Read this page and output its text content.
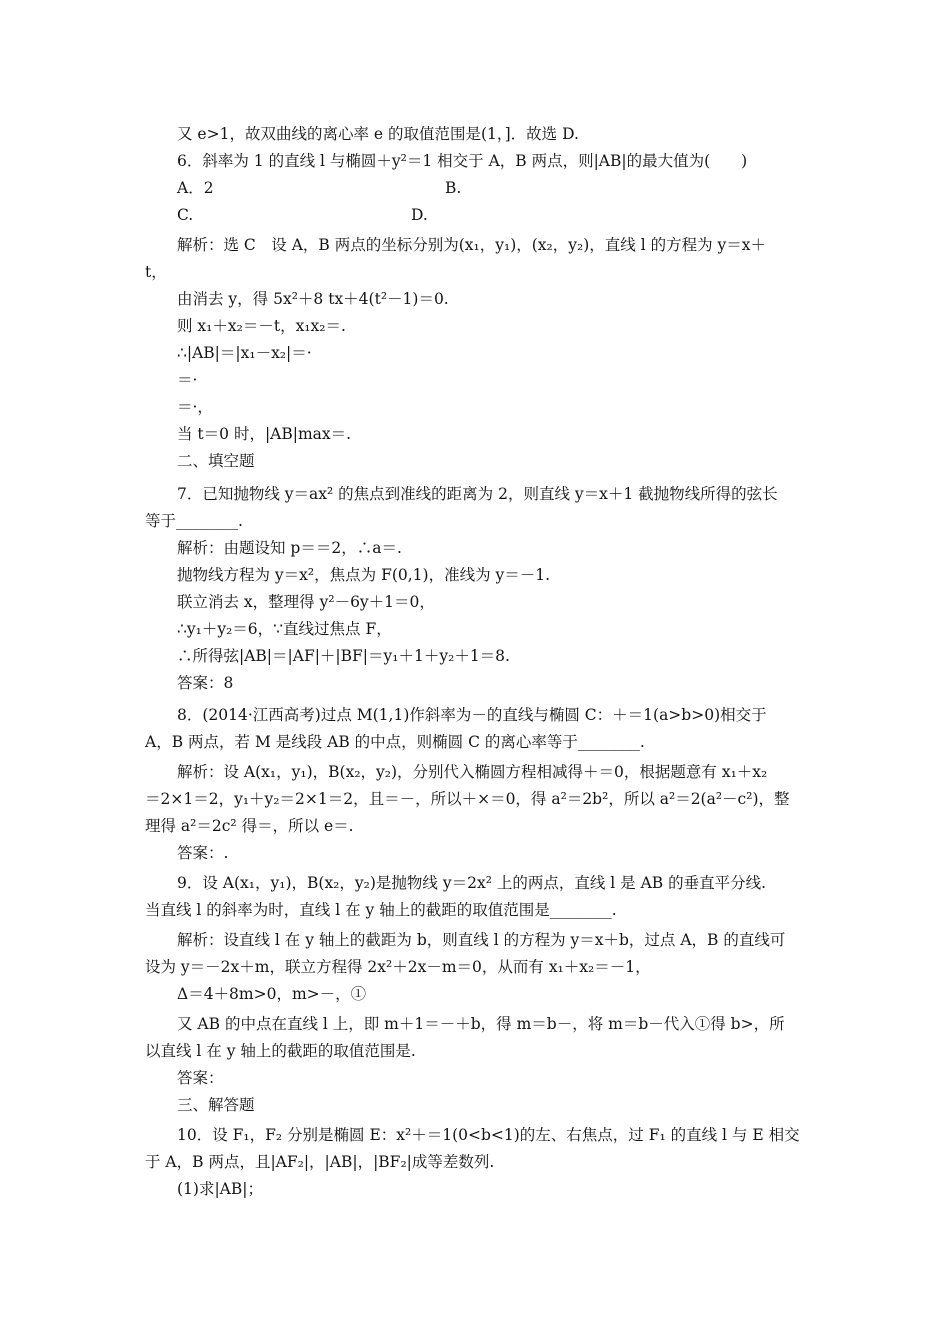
又 e>1，故双曲线的离心率 e 的取值范围是(1，]．故选 D.
6．斜率为 1 的直线 l 与椭圆＋y²＝1 相交于 A，B 两点，则|AB|的最大值为(　　)
A．2	B.
C.	D.
解析：选 C　设 A，B 两点的坐标分别为(x₁，y₁)，(x₂，y₂)，直线 l 的方程为 y＝x＋
t，
由消去 y，得 5x²＋8 tx＋4(t²－1)＝0.
则 x₁＋x₂＝－t，x₁x₂＝.
∴|AB|＝|x₁－x₂|＝·
＝·
＝·，
当 t＝0 时，|AB|max＝.
二、填空题
7．已知抛物线 y＝ax² 的焦点到准线的距离为 2，则直线 y＝x＋1 截抛物线所得的弦长
等于________.
解析：由题设知 p＝＝2，∴a＝.
抛物线方程为 y＝x²，焦点为 F(0,1)，准线为 y＝－1.
联立消去 x，整理得 y²－6y＋1＝0，
∴y₁＋y₂＝6，∵直线过焦点 F，
∴所得弦|AB|＝|AF|＋|BF|＝y₁＋1＋y₂＋1＝8.
答案：8
8．(2014·江西高考)过点 M(1,1)作斜率为－的直线与椭圆 C：＋＝1(a>b>0)相交于
A，B 两点，若 M 是线段 AB 的中点，则椭圆 C 的离心率等于________.
解析：设 A(x₁，y₁)，B(x₂，y₂)，分别代入椭圆方程相减得＋＝0，根据题意有 x₁＋x₂
＝2×1＝2，y₁＋y₂＝2×1＝2，且＝－，所以＋×＝0，得 a²＝2b²，所以 a²＝2(a²－c²)，整
理得 a²＝2c² 得＝，所以 e＝.
答案：.
9．设 A(x₁，y₁)，B(x₂，y₂)是抛物线 y＝2x² 上的两点，直线 l 是 AB 的垂直平分线.
当直线 l 的斜率为时，直线 l 在 y 轴上的截距的取值范围是________.
解析：设直线 l 在 y 轴上的截距为 b，则直线 l 的方程为 y＝x＋b，过点 A，B 的直线可
设为 y＝－2x＋m，联立方程得 2x²＋2x－m＝0，从而有 x₁＋x₂＝－1，
Δ＝4＋8m>0，m>－，①
又 AB 的中点在直线 l 上，即 m＋1＝－＋b，得 m＝b－，将 m＝b－代入①得 b>，所
以直线 l 在 y 轴上的截距的取值范围是.
答案：
三、解答题
10．设 F₁，F₂ 分别是椭圆 E：x²＋＝1(0<b<1)的左、右焦点，过 F₁ 的直线 l 与 E 相交
于 A，B 两点，且|AF₂|，|AB|，|BF₂|成等差数列.
(1)求|AB|；
